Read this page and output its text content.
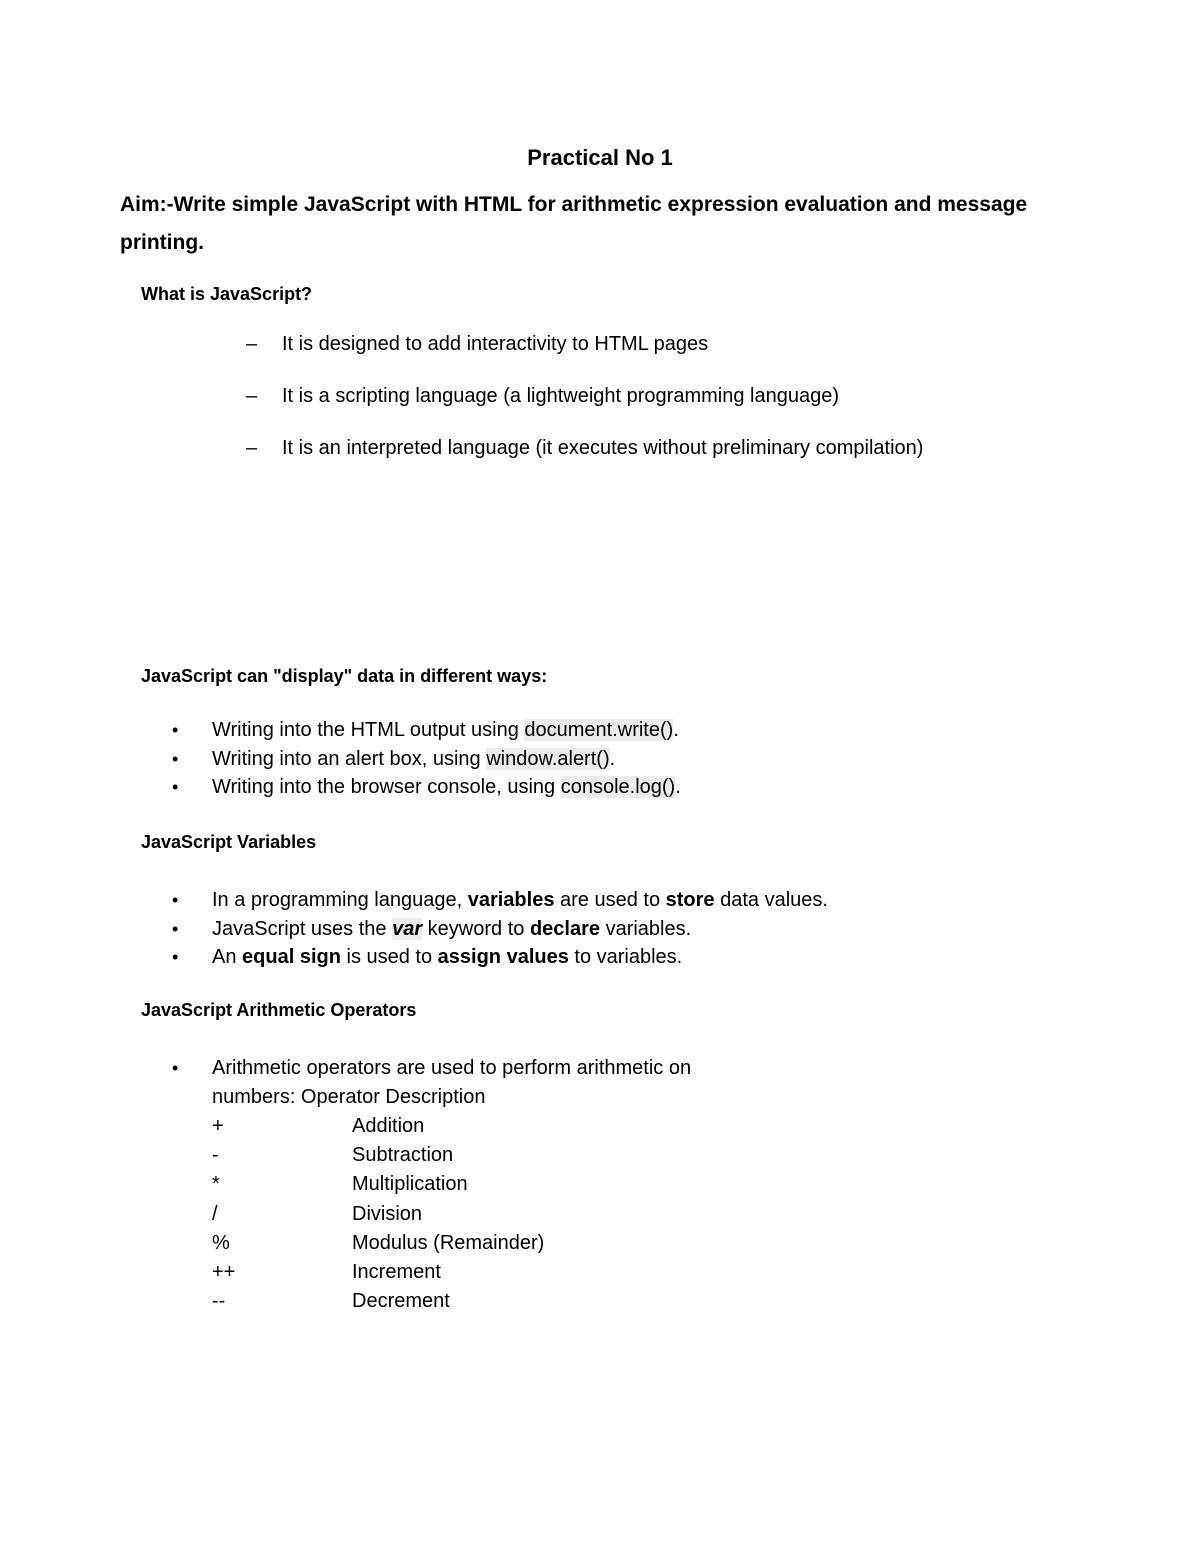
Practical No 1
Aim:-Write simple JavaScript with HTML for arithmetic expression evaluation and message printing.
What is JavaScript?
– It is designed to add interactivity to HTML pages
– It is a scripting language (a lightweight programming language)
– It is an interpreted language (it executes without preliminary compilation)
JavaScript can "display" data in different ways:
•	Writing into the HTML output using document.write().
•	Writing into an alert box, using window.alert().
•	Writing into the browser console, using console.log().
JavaScript Variables
•	In a programming language, variables are used to store data values.
•	JavaScript uses the var keyword to declare variables.
•	An equal sign is used to assign values to variables.
JavaScript Arithmetic Operators
• Arithmetic operators are used to perform arithmetic on numbers: Operator Description
+	Addition
-	Subtraction
*	Multiplication
/	Division
%	Modulus (Remainder)
++	Increment
--	Decrement
